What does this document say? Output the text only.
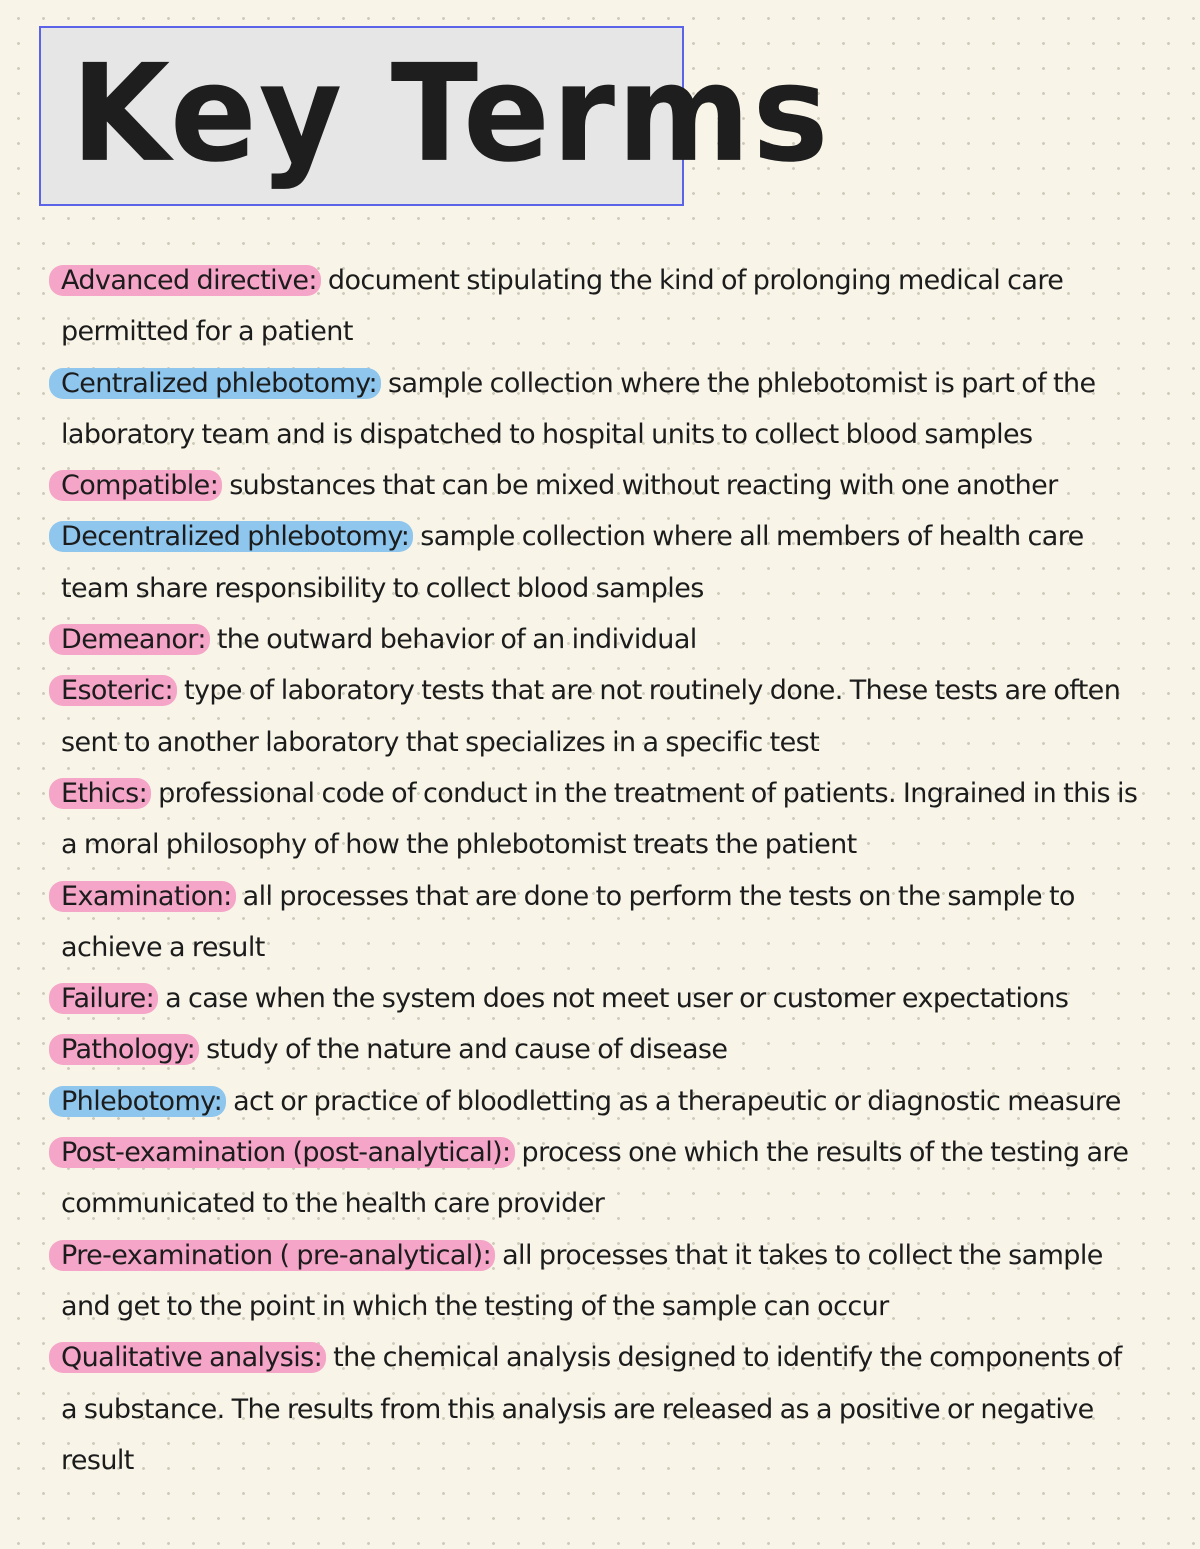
Key Terms

Advanced directive: document stipulating the kind of prolonging medical care permitted for a patient

Centralized phlebotomy: sample collection where the phlebotomist is part of the laboratory team and is dispatched to hospital units to collect blood samples

Compatible: substances that can be mixed without reacting with one another

Decentralized phlebotomy: sample collection where all members of health care team share responsibility to collect blood samples

Demeanor: the outward behavior of an individual

Esoteric: type of laboratory tests that are not routinely done. These tests are often sent to another laboratory that specializes in a specific test

Ethics: professional code of conduct in the treatment of patients. Ingrained in this is a moral philosophy of how the phlebotomist treats the patient

Examination: all processes that are done to perform the tests on the sample to achieve a result

Failure: a case when the system does not meet user or customer expectations

Pathology: study of the nature and cause of disease

Phlebotomy: act or practice of bloodletting as a therapeutic or diagnostic measure

Post-examination (post-analytical): process one which the results of the testing are communicated to the health care provider

Pre-examination ( pre-analytical): all processes that it takes to collect the sample and get to the point in which the testing of the sample can occur

Qualitative analysis: the chemical analysis designed to identify the components of a substance. The results from this analysis are released as a positive or negative result
